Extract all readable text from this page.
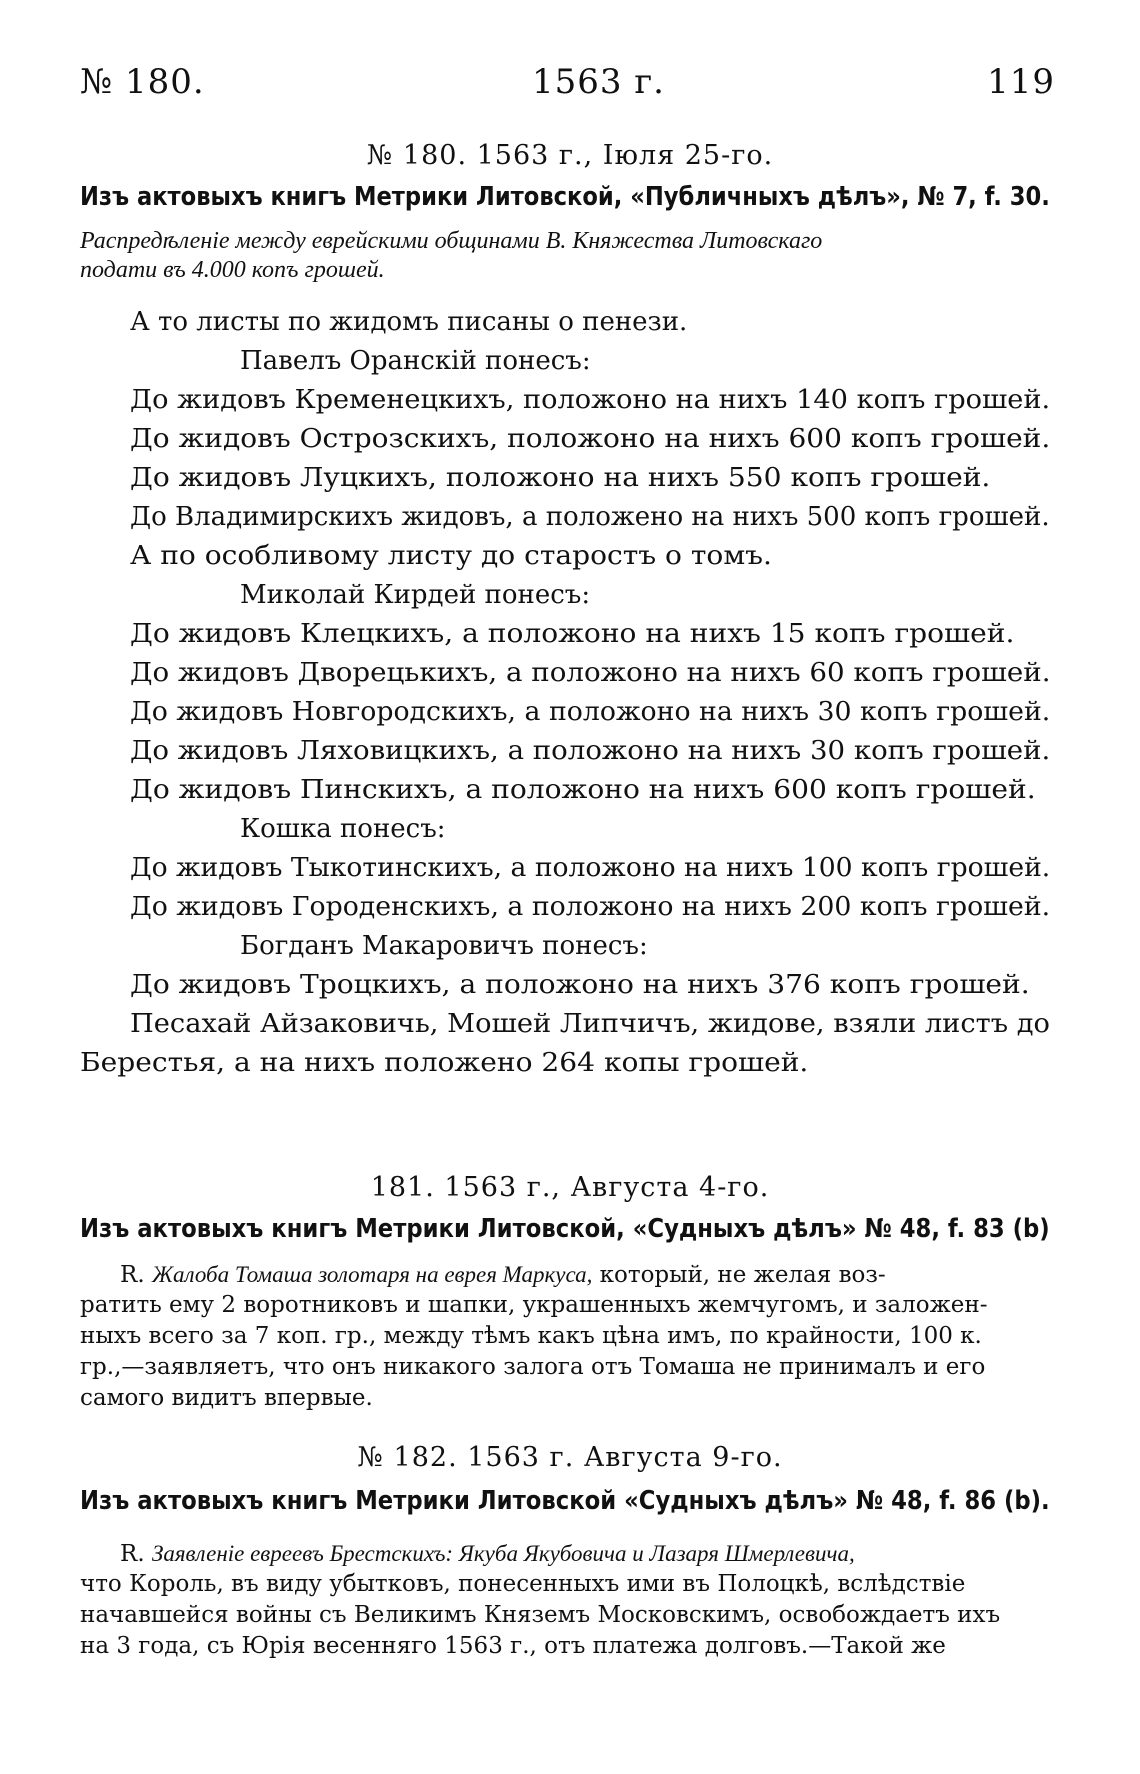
№ 180.	1563 г.	119
№ 180. 1563 г., Іюля 25-го.
Изъ актовыхъ книгъ Метрики Литовской, «Публичныхъ дѣлъ», № 7, f. 30.
Распредѣленіе между еврейскими общинами В. Княжества Литовскаго
подати въ 4.000 копъ грошей.
А то листы по жидомъ писаны о пенези.
Павелъ Оранскій понесъ:
До жидовъ Кременецкихъ, положоно на нихъ 140 копъ грошей.
До жидовъ Острозскихъ, положоно на нихъ 600 копъ грошей.
До жидовъ Луцкихъ, положоно на нихъ 550 копъ грошей.
До Владимирскихъ жидовъ, а положено на нихъ 500 копъ грошей.
А по особливому листу до старостъ о томъ.
Миколай Кирдей понесъ:
До жидовъ Клецкихъ, а положоно на нихъ 15 копъ грошей.
До жидовъ Дворецькихъ, а положоно на нихъ 60 копъ грошей.
До жидовъ Новгородскихъ, а положоно на нихъ 30 копъ грошей.
До жидовъ Ляховицкихъ, а положоно на нихъ 30 копъ грошей.
До жидовъ Пинскихъ, а положоно на нихъ 600 копъ грошей.
Кошка понесъ:
До жидовъ Тыкотинскихъ, а положоно на нихъ 100 копъ грошей.
До жидовъ Городенскихъ, а положоно на нихъ 200 копъ грошей.
Богданъ Макаровичъ понесъ:
До жидовъ Троцкихъ, а положоно на нихъ 376 копъ грошей.
Песахай Айзаковичь, Мошей Липчичъ, жидове, взяли листъ до
Берестья, а на нихъ положено 264 копы грошей.
181. 1563 г., Августа 4-го.
Изъ актовыхъ книгъ Метрики Литовской, «Судныхъ дѣлъ» № 48, f. 83 (b)
R. Жалоба Томаша золотаря на еврея Маркуса, который, не желая воз-
ратить ему 2 воротниковъ и шапки, украшенныхъ жемчугомъ, и заложен-
ныхъ всего за 7 коп. гр., между тѣмъ какъ цѣна имъ, по крайности, 100 к.
гр.,—заявляетъ, что онъ никакого залога отъ Томаша не принималъ и его
самого видитъ впервые.
№ 182. 1563 г. Августа 9-го.
Изъ актовыхъ книгъ Метрики Литовской «Судныхъ дѣлъ» № 48, f. 86 (b).
R. Заявленіе евреевъ Брестскихъ: Якуба Якубовича и Лазаря Шмерлевича,
что Король, въ виду убытковъ, понесенныхъ ими въ Полоцкѣ, вслѣдствіе
начавшейся войны съ Великимъ Княземъ Московскимъ, освобождаетъ ихъ
на 3 года, съ Юрія весенняго 1563 г., отъ платежа долговъ.—Такой же
